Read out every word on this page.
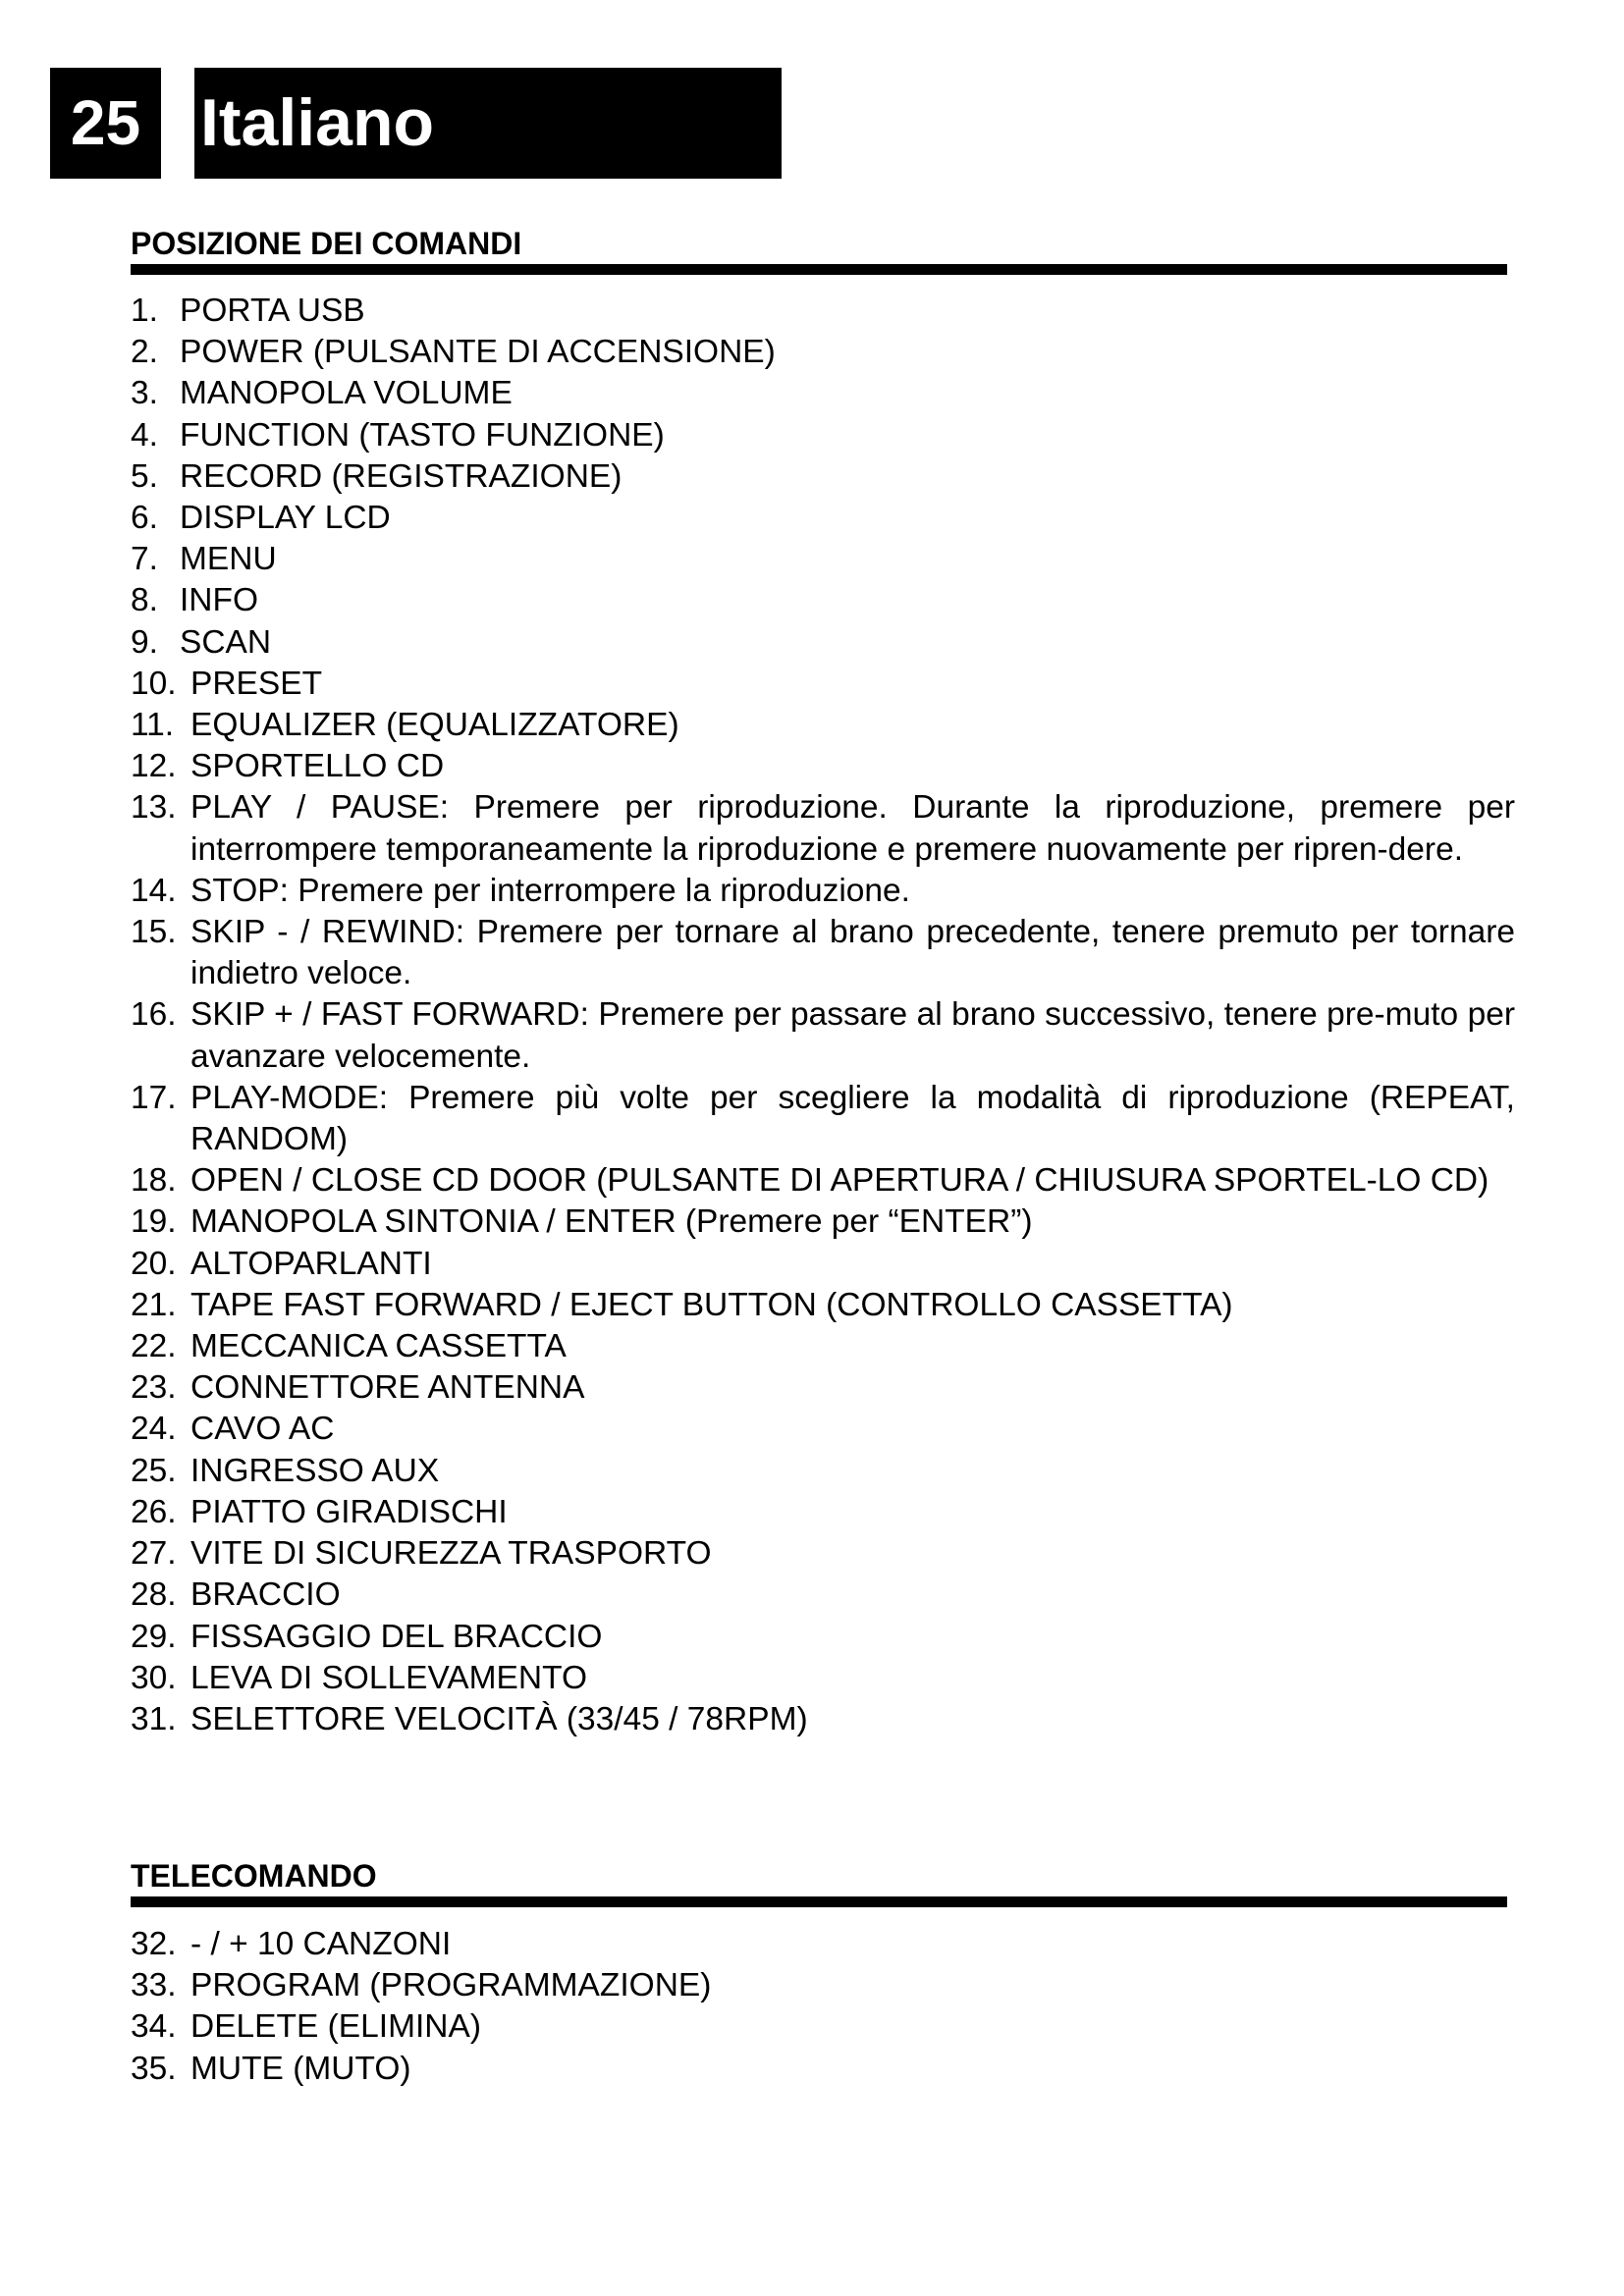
25 Italiano
POSIZIONE DEI COMANDI
1. PORTA USB
2. POWER (PULSANTE DI ACCENSIONE)
3. MANOPOLA VOLUME
4. FUNCTION (TASTO FUNZIONE)
5. RECORD (REGISTRAZIONE)
6. DISPLAY LCD
7. MENU
8. INFO
9. SCAN
10. PRESET
11. EQUALIZER (EQUALIZZATORE)
12. SPORTELLO CD
13. PLAY / PAUSE: Premere per riproduzione. Durante la riproduzione, premere per interrompere temporaneamente la riproduzione e premere nuovamente per ripren-dere.
14. STOP: Premere per interrompere la riproduzione.
15. SKIP - / REWIND: Premere per tornare al brano precedente, tenere premuto per tornare indietro veloce.
16. SKIP + / FAST FORWARD: Premere per passare al brano successivo, tenere pre-muto per avanzare velocemente.
17. PLAY-MODE: Premere più volte per scegliere la modalità di riproduzione (REPEAT, RANDOM)
18. OPEN / CLOSE CD DOOR (PULSANTE DI APERTURA / CHIUSURA SPORTEL-LO CD)
19. MANOPOLA SINTONIA / ENTER (Premere per “ENTER”)
20. ALTOPARLANTI
21. TAPE FAST FORWARD / EJECT BUTTON (CONTROLLO CASSETTA)
22. MECCANICA CASSETTA
23. CONNETTORE ANTENNA
24. CAVO AC
25. INGRESSO AUX
26. PIATTO GIRADISCHI
27. VITE DI SICUREZZA TRASPORTO
28. BRACCIO
29. FISSAGGIO DEL BRACCIO
30. LEVA DI SOLLEVAMENTO
31. SELETTORE VELOCITÀ (33/45 / 78RPM)
TELECOMANDO
32. - / + 10 CANZONI
33. PROGRAM (PROGRAMMAZIONE)
34. DELETE (ELIMINA)
35. MUTE (MUTO)
